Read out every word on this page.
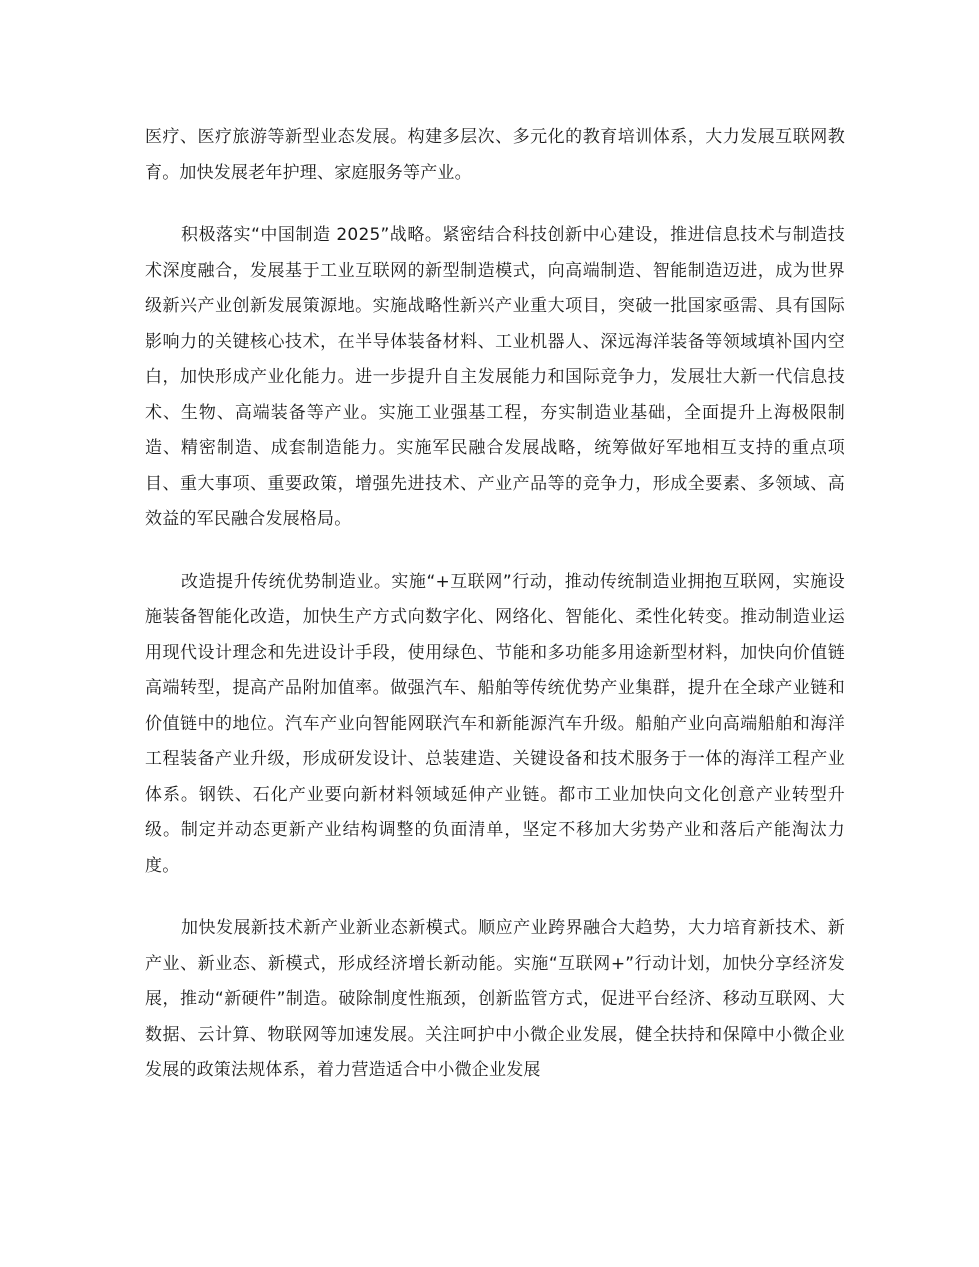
医疗、医疗旅游等新型业态发展。构建多层次、多元化的教育培训体系，大力发展互联网教育。加快发展老年护理、家庭服务等产业。

积极落实“中国制造 2025”战略。紧密结合科技创新中心建设，推进信息技术与制造技术深度融合，发展基于工业互联网的新型制造模式，向高端制造、智能制造迈进，成为世界级新兴产业创新发展策源地。实施战略性新兴产业重大项目，突破一批国家亟需、具有国际影响力的关键核心技术，在半导体装备材料、工业机器人、深远海洋装备等领域填补国内空白，加快形成产业化能力。进一步提升自主发展能力和国际竞争力，发展壮大新一代信息技术、生物、高端装备等产业。实施工业强基工程，夯实制造业基础，全面提升上海极限制造、精密制造、成套制造能力。实施军民融合发展战略，统筹做好军地相互支持的重点项目、重大事项、重要政策，增强先进技术、产业产品等的竞争力，形成全要素、多领域、高效益的军民融合发展格局。

改造提升传统优势制造业。实施“+互联网”行动，推动传统制造业拥抱互联网，实施设施装备智能化改造，加快生产方式向数字化、网络化、智能化、柔性化转变。推动制造业运用现代设计理念和先进设计手段，使用绿色、节能和多功能多用途新型材料，加快向价值链高端转型，提高产品附加值率。做强汽车、船舶等传统优势产业集群，提升在全球产业链和价值链中的地位。汽车产业向智能网联汽车和新能源汽车升级。船舶产业向高端船舶和海洋工程装备产业升级，形成研发设计、总装建造、关键设备和技术服务于一体的海洋工程产业体系。钢铁、石化产业要向新材料领域延伸产业链。都市工业加快向文化创意产业转型升级。制定并动态更新产业结构调整的负面清单，坚定不移加大劣势产业和落后产能淘汰力度。

加快发展新技术新产业新业态新模式。顺应产业跨界融合大趋势，大力培育新技术、新产业、新业态、新模式，形成经济增长新动能。实施“互联网+”行动计划，加快分享经济发展，推动“新硬件”制造。破除制度性瓶颈，创新监管方式，促进平台经济、移动互联网、大数据、云计算、物联网等加速发展。关注呵护中小微企业发展，健全扶持和保障中小微企业发展的政策法规体系，着力营造适合中小微企业发展
